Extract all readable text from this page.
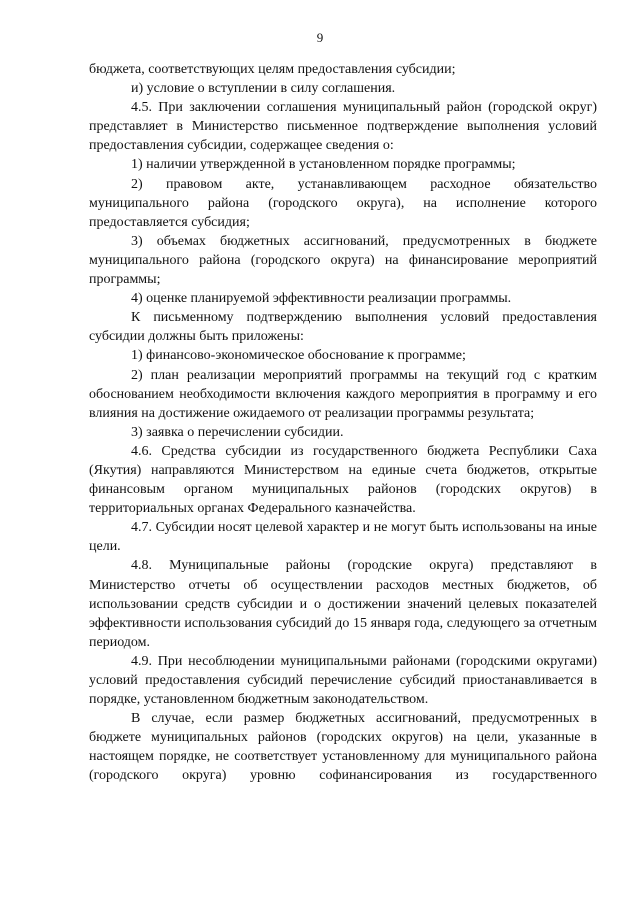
9

бюджета, соответствующих целям предоставления субсидии;

и) условие о вступлении в силу соглашения.

4.5. При заключении соглашения муниципальный район (городской округ) представляет в Министерство письменное подтверждение выполнения условий предоставления субсидии, содержащее сведения о:

1) наличии утвержденной в установленном порядке программы;

2) правовом акте, устанавливающем расходное обязательство муниципального района (городского округа), на исполнение которого предоставляется субсидия;

3) объемах бюджетных ассигнований, предусмотренных в бюджете муниципального района (городского округа) на финансирование мероприятий программы;

4) оценке планируемой эффективности реализации программы.

К письменному подтверждению выполнения условий предоставления субсидии должны быть приложены:

1) финансово-экономическое обоснование к программе;

2) план реализации мероприятий программы на текущий год с кратким обоснованием необходимости включения каждого мероприятия в программу и его влияния на достижение ожидаемого от реализации программы результата;

3) заявка о перечислении субсидии.

4.6. Средства субсидии из государственного бюджета Республики Саха (Якутия) направляются Министерством на единые счета бюджетов, открытые финансовым органом муниципальных районов (городских округов) в территориальных органах Федерального казначейства.

4.7. Субсидии носят целевой характер и не могут быть использованы на иные цели.

4.8. Муниципальные районы (городские округа) представляют в Министерство отчеты об осуществлении расходов местных бюджетов, об использовании средств субсидии и о достижении значений целевых показателей эффективности использования субсидий до 15 января года, следующего за отчетным периодом.

4.9. При несоблюдении муниципальными районами (городскими округами) условий предоставления субсидий перечисление субсидий приостанавливается в порядке, установленном бюджетным законодательством.

В случае, если размер бюджетных ассигнований, предусмотренных в бюджете муниципальных районов (городских округов) на цели, указанные в настоящем порядке, не соответствует установленному для муниципального района (городского округа) уровню софинансирования из государственного
